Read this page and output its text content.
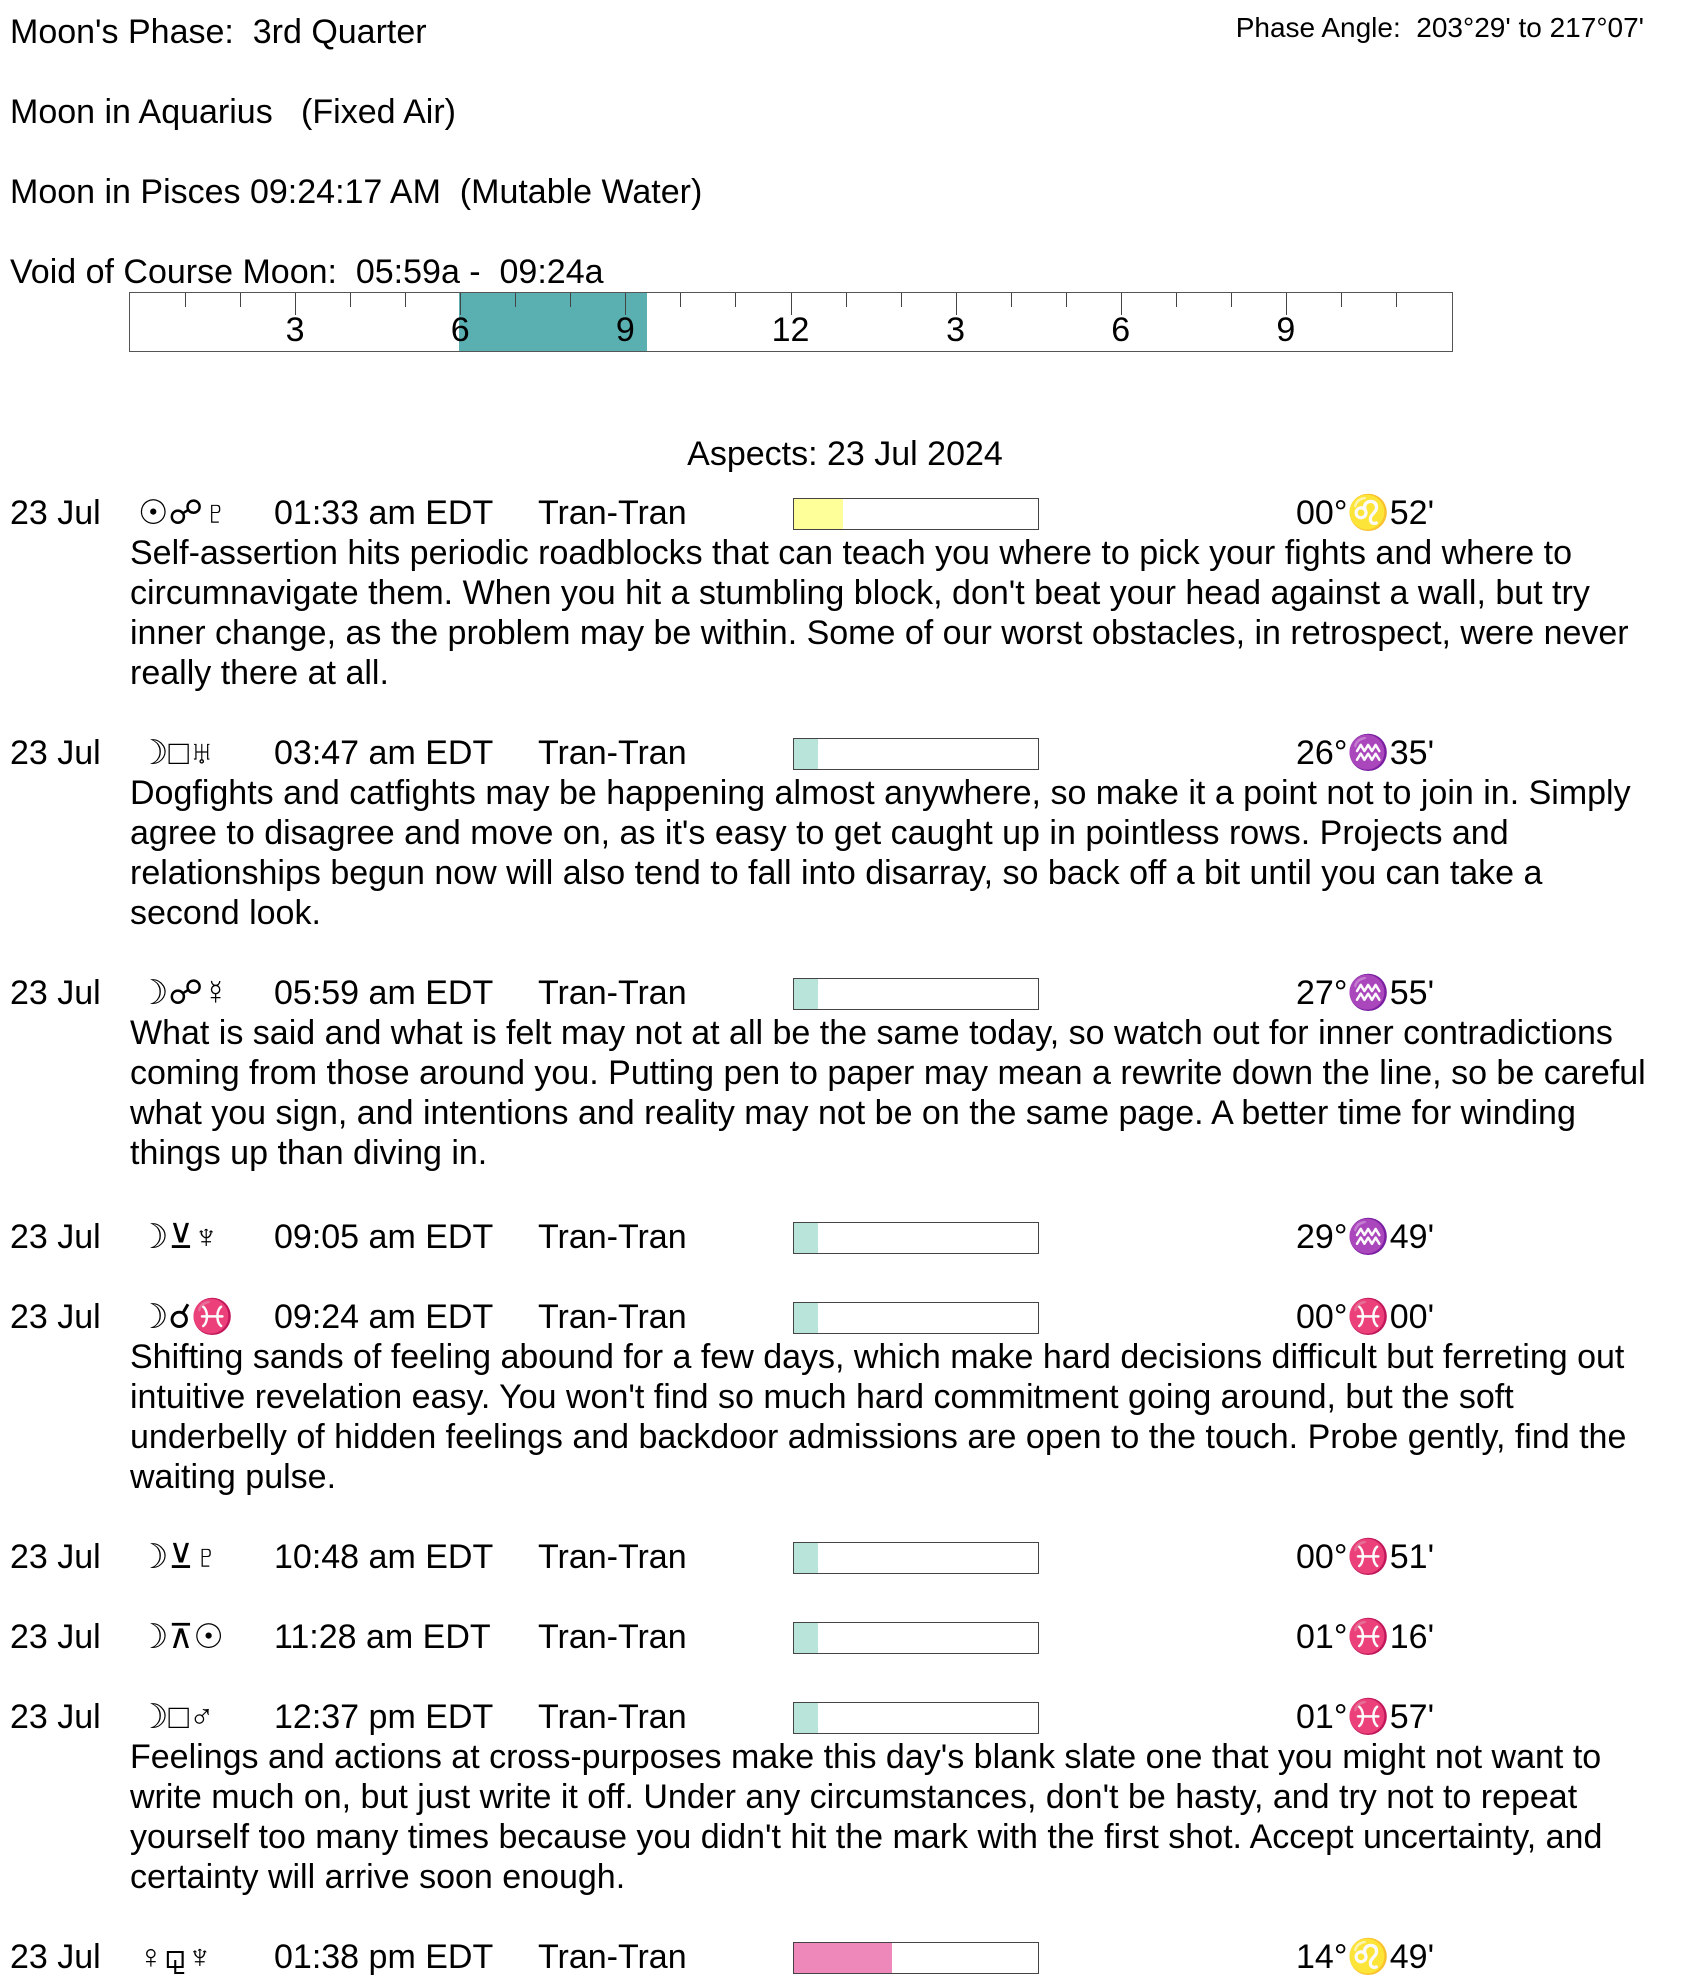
Moon's Phase:  3rd Quarter	Phase Angle:  203°29' to 217°07'
Moon in Aquarius   (Fixed Air)
Moon in Pisces 09:24:17 AM  (Mutable Water)
Void of Course Moon:  05:59a -  09:24a
3	6	9	12	3	6	9
Aspects: 23 Jul 2024
23 Jul ☉☍♇ 01:33 am EDT Tran-Tran	00°♌52'
Self-assertion hits periodic roadblocks that can teach you where to pick your fights and where to circumnavigate them. When you hit a stumbling block, don't beat your head against a wall, but try inner change, as the problem may be within. Some of our worst obstacles, in retrospect, were never really there at all.
23 Jul ☽□♅ 03:47 am EDT Tran-Tran	26°♒35'
Dogfights and catfights may be happening almost anywhere, so make it a point not to join in. Simply agree to disagree and move on, as it's easy to get caught up in pointless rows. Projects and relationships begun now will also tend to fall into disarray, so back off a bit until you can take a second look.
23 Jul ☽☍☿ 05:59 am EDT Tran-Tran	27°♒55'
What is said and what is felt may not at all be the same today, so watch out for inner contradictions coming from those around you. Putting pen to paper may mean a rewrite down the line, so be careful what you sign, and intentions and reality may not be on the same page. A better time for winding things up than diving in.
23 Jul ☽⊻♆ 09:05 am EDT Tran-Tran	29°♒49'
23 Jul ☽☌♓ 09:24 am EDT Tran-Tran	00°♓00'
Shifting sands of feeling abound for a few days, which make hard decisions difficult but ferreting out intuitive revelation easy. You won't find so much hard commitment going around, but the soft underbelly of hidden feelings and backdoor admissions are open to the touch. Probe gently, find the waiting pulse.
23 Jul ☽⊻♇ 10:48 am EDT Tran-Tran	00°♓51'
23 Jul ☽⊼☉ 11:28 am EDT Tran-Tran	01°♓16'
23 Jul ☽□♂ 12:37 pm EDT Tran-Tran	01°♓57'
Feelings and actions at cross-purposes make this day's blank slate one that you might not want to write much on, but just write it off. Under any circumstances, don't be hasty, and try not to repeat yourself too many times because you didn't hit the mark with the first shot. Accept uncertainty, and certainty will arrive soon enough.
23 Jul ♀⚼♆ 01:38 pm EDT Tran-Tran	14°♌49'
